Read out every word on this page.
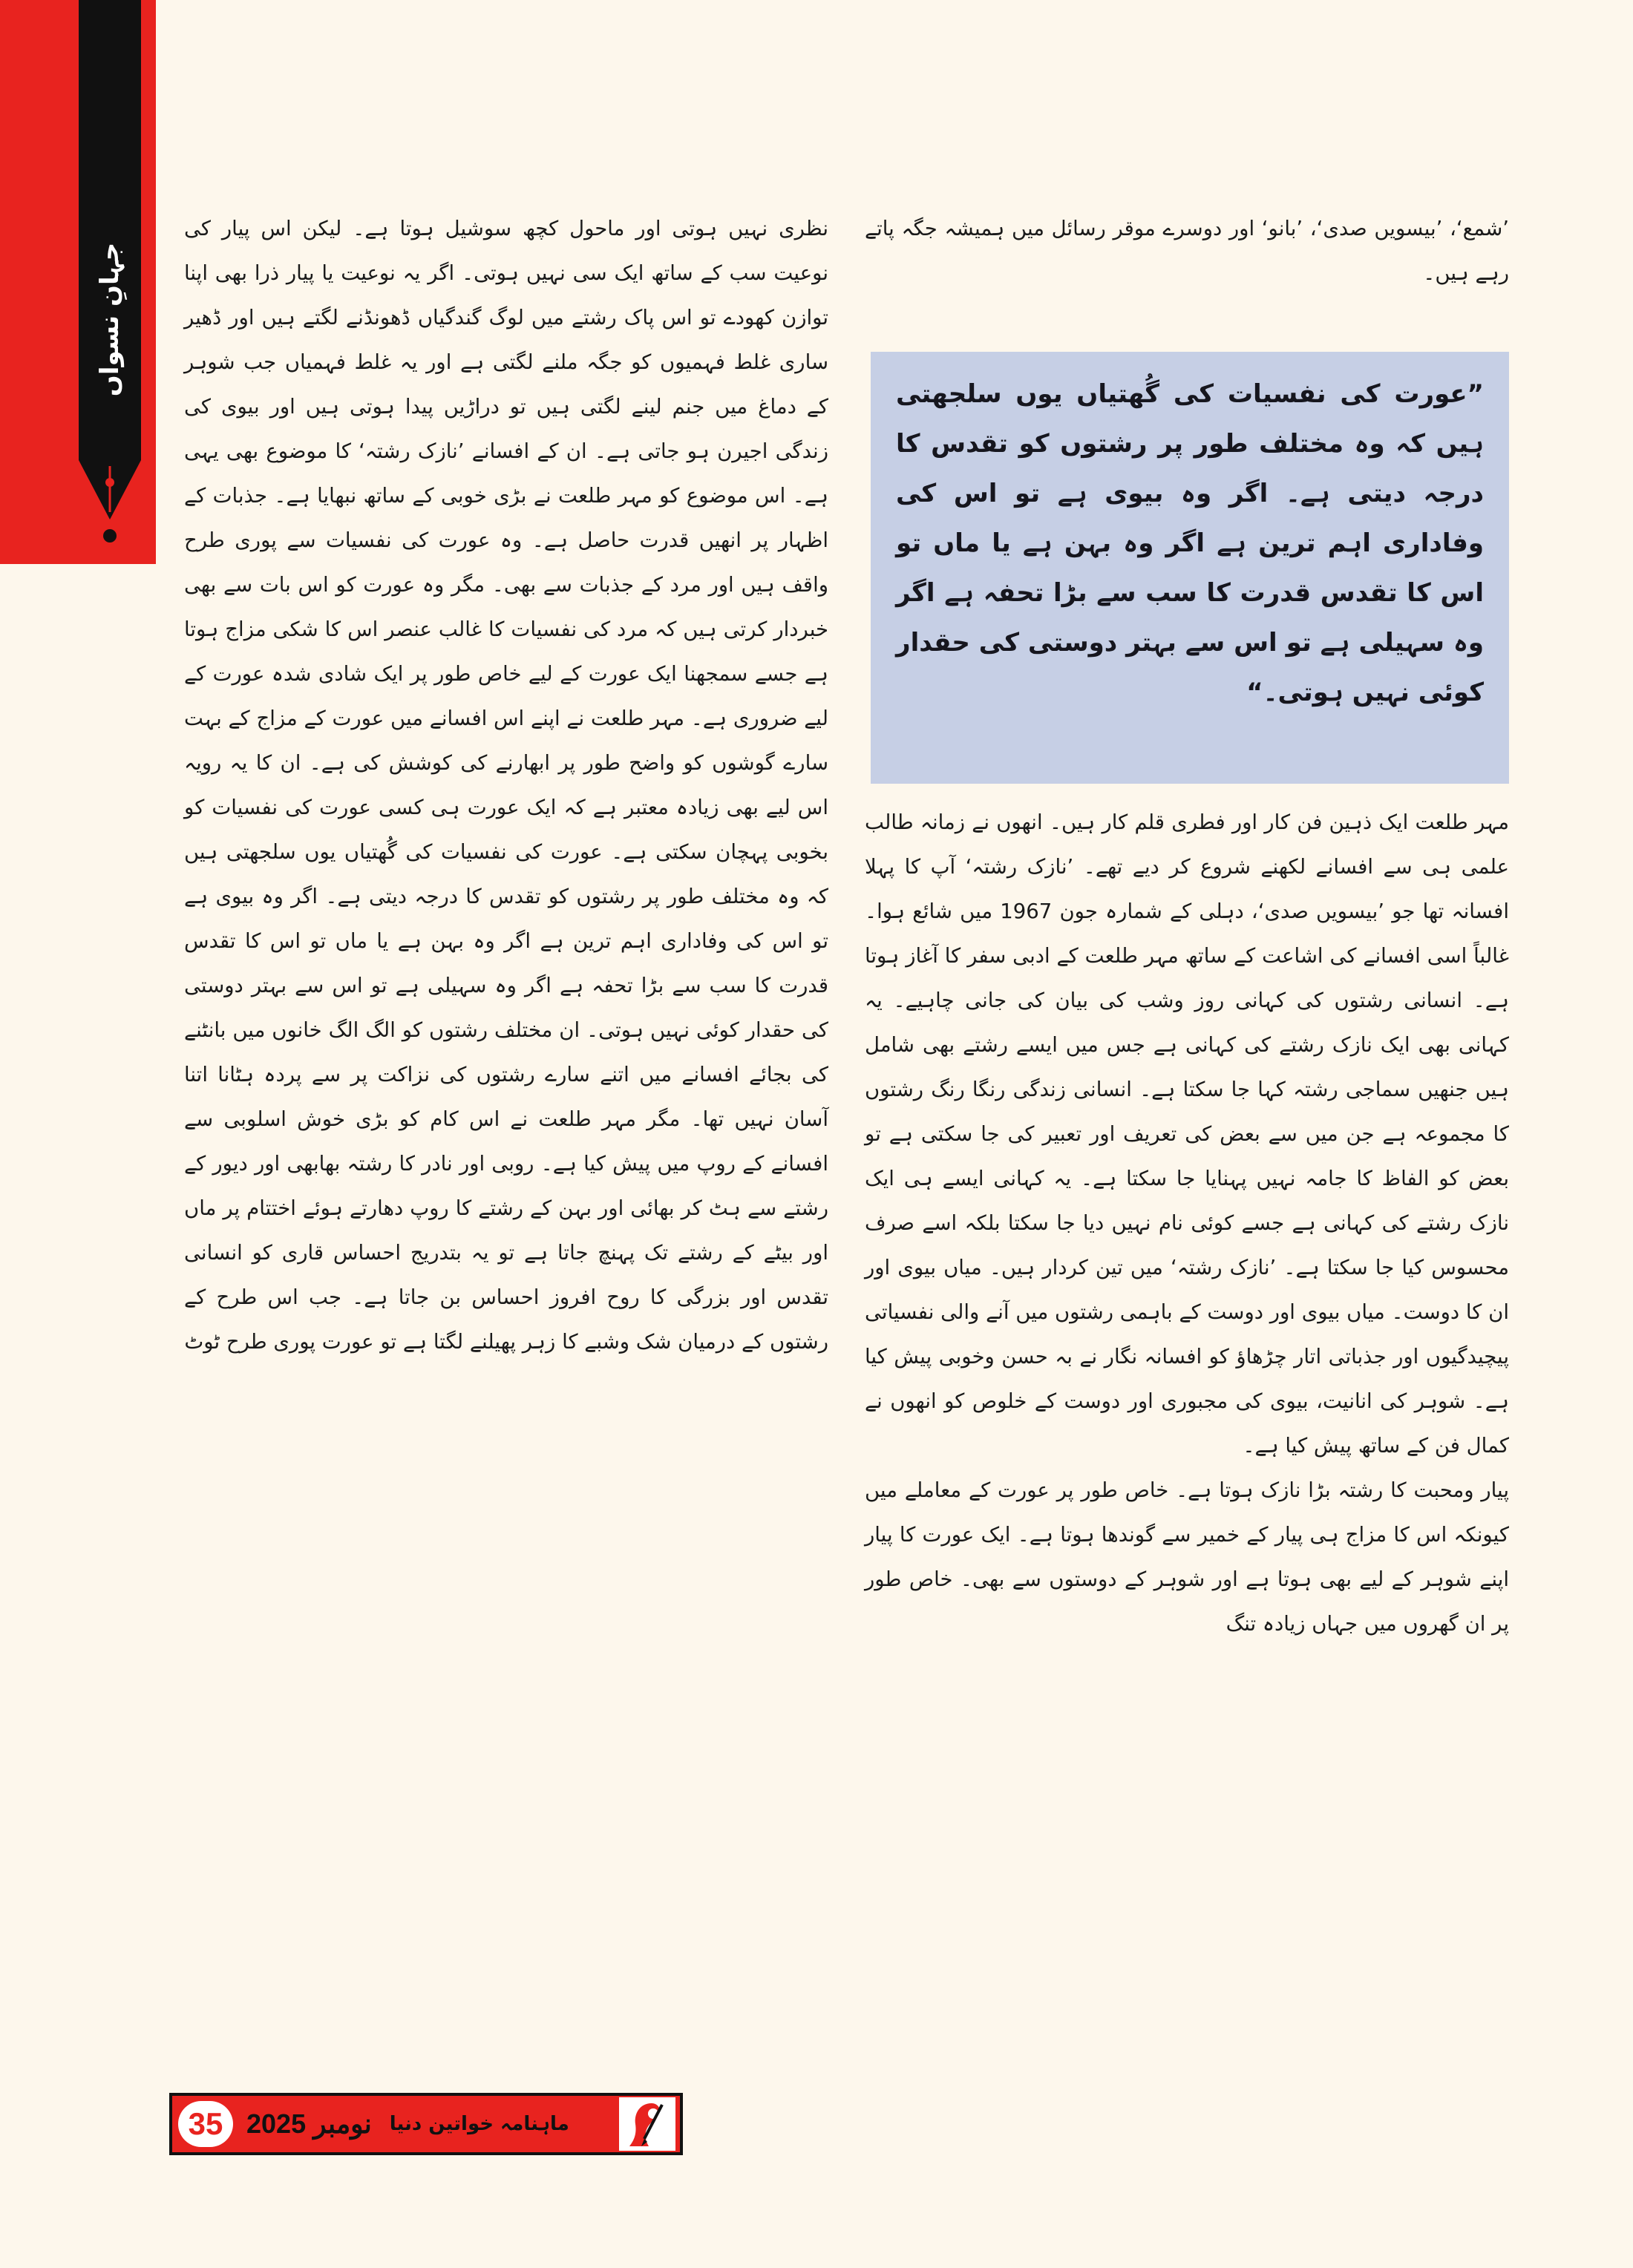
جہانِ نسواں

’شمع‘، ’بیسویں صدی‘، ’بانو‘ اور دوسرے موقر رسائل میں ہمیشہ جگہ پاتے رہے ہیں۔

”عورت کی نفسیات کی گُھتیاں یوں سلجھتی ہیں کہ وہ مختلف طور پر رشتوں کو تقدس کا درجہ دیتی ہے۔ اگر وہ بیوی ہے تو اس کی وفاداری اہم ترین ہے اگر وہ بہن ہے یا ماں تو اس کا تقدس قدرت کا سب سے بڑا تحفہ ہے اگر وہ سہیلی ہے تو اس سے بہتر دوستی کی حقدار کوئی نہیں ہوتی۔“

مہر طلعت ایک ذہین فن کار اور فطری قلم کار ہیں۔ انھوں نے زمانہ طالب علمی ہی سے افسانے لکھنے شروع کر دیے تھے۔ ’نازک رشتہ‘ آپ کا پہلا افسانہ تھا جو ’بیسویں صدی‘، دہلی کے شمارہ جون 1967 میں شائع ہوا۔ غالباً اسی افسانے کی اشاعت کے ساتھ مہر طلعت کے ادبی سفر کا آغاز ہوتا ہے۔ انسانی رشتوں کی کہانی روز وشب کی بیان کی جانی چاہیے۔ یہ کہانی بھی ایک نازک رشتے کی کہانی ہے جس میں ایسے رشتے بھی شامل ہیں جنھیں سماجی رشتہ کہا جا سکتا ہے۔ انسانی زندگی رنگا رنگ رشتوں کا مجموعہ ہے جن میں سے بعض کی تعریف اور تعبیر کی جا سکتی ہے تو بعض کو الفاظ کا جامہ نہیں پہنایا جا سکتا ہے۔ یہ کہانی ایسے ہی ایک نازک رشتے کی کہانی ہے جسے کوئی نام نہیں دیا جا سکتا بلکہ اسے صرف محسوس کیا جا سکتا ہے۔ ’نازک رشتہ‘ میں تین کردار ہیں۔ میاں بیوی اور ان کا دوست۔ میاں بیوی اور دوست کے باہمی رشتوں میں آنے والی نفسیاتی پیچیدگیوں اور جذباتی اتار چڑھاؤ کو افسانہ نگار نے بہ حسن وخوبی پیش کیا ہے۔ شوہر کی انانیت، بیوی کی مجبوری اور دوست کے خلوص کو انھوں نے کمال فن کے ساتھ پیش کیا ہے۔

پیار ومحبت کا رشتہ بڑا نازک ہوتا ہے۔ خاص طور پر عورت کے معاملے میں کیونکہ اس کا مزاج ہی پیار کے خمیر سے گوندھا ہوتا ہے۔ ایک عورت کا پیار اپنے شوہر کے لیے بھی ہوتا ہے اور شوہر کے دوستوں سے بھی۔ خاص طور پر ان گھروں میں جہاں زیادہ تنگ

نظری نہیں ہوتی اور ماحول کچھ سوشیل ہوتا ہے۔ لیکن اس پیار کی نوعیت سب کے ساتھ ایک سی نہیں ہوتی۔ اگر یہ نوعیت یا پیار ذرا بھی اپنا توازن کھودے تو اس پاک رشتے میں لوگ گندگیاں ڈھونڈنے لگتے ہیں اور ڈھیر ساری غلط فہمیوں کو جگہ ملنے لگتی ہے اور یہ غلط فہمیاں جب شوہر کے دماغ میں جنم لینے لگتی ہیں تو دراڑیں پیدا ہوتی ہیں اور بیوی کی زندگی اجیرن ہو جاتی ہے۔ ان کے افسانے ’نازک رشتہ‘ کا موضوع بھی یہی ہے۔ اس موضوع کو مہر طلعت نے بڑی خوبی کے ساتھ نبھایا ہے۔ جذبات کے اظہار پر انھیں قدرت حاصل ہے۔ وہ عورت کی نفسیات سے پوری طرح واقف ہیں اور مرد کے جذبات سے بھی۔ مگر وہ عورت کو اس بات سے بھی خبردار کرتی ہیں کہ مرد کی نفسیات کا غالب عنصر اس کا شکی مزاج ہوتا ہے جسے سمجھنا ایک عورت کے لیے خاص طور پر ایک شادی شدہ عورت کے لیے ضروری ہے۔ مہر طلعت نے اپنے اس افسانے میں عورت کے مزاج کے بہت سارے گوشوں کو واضح طور پر ابھارنے کی کوشش کی ہے۔ ان کا یہ رویہ اس لیے بھی زیادہ معتبر ہے کہ ایک عورت ہی کسی عورت کی نفسیات کو بخوبی پہچان سکتی ہے۔ عورت کی نفسیات کی گُھتیاں یوں سلجھتی ہیں کہ وہ مختلف طور پر رشتوں کو تقدس کا درجہ دیتی ہے۔ اگر وہ بیوی ہے تو اس کی وفاداری اہم ترین ہے اگر وہ بہن ہے یا ماں تو اس کا تقدس قدرت کا سب سے بڑا تحفہ ہے اگر وہ سہیلی ہے تو اس سے بہتر دوستی کی حقدار کوئی نہیں ہوتی۔ ان مختلف رشتوں کو الگ الگ خانوں میں بانٹنے کی بجائے افسانے میں اتنے سارے رشتوں کی نزاکت پر سے پردہ ہٹانا اتنا آسان نہیں تھا۔ مگر مہر طلعت نے اس کام کو بڑی خوش اسلوبی سے افسانے کے روپ میں پیش کیا ہے۔ روبی اور نادر کا رشتہ بھابھی اور دیور کے رشتے سے ہٹ کر بھائی اور بہن کے رشتے کا روپ دھارتے ہوئے اختتام پر ماں اور بیٹے کے رشتے تک پہنچ جاتا ہے تو یہ بتدریج احساس قاری کو انسانی تقدس اور بزرگی کا روح افروز احساس بن جاتا ہے۔ جب اس طرح کے رشتوں کے درمیان شک وشبے کا زہر پھیلنے لگتا ہے تو عورت پوری طرح ٹوٹ

35 نومبر 2025 ماہنامہ خواتین دنیا
